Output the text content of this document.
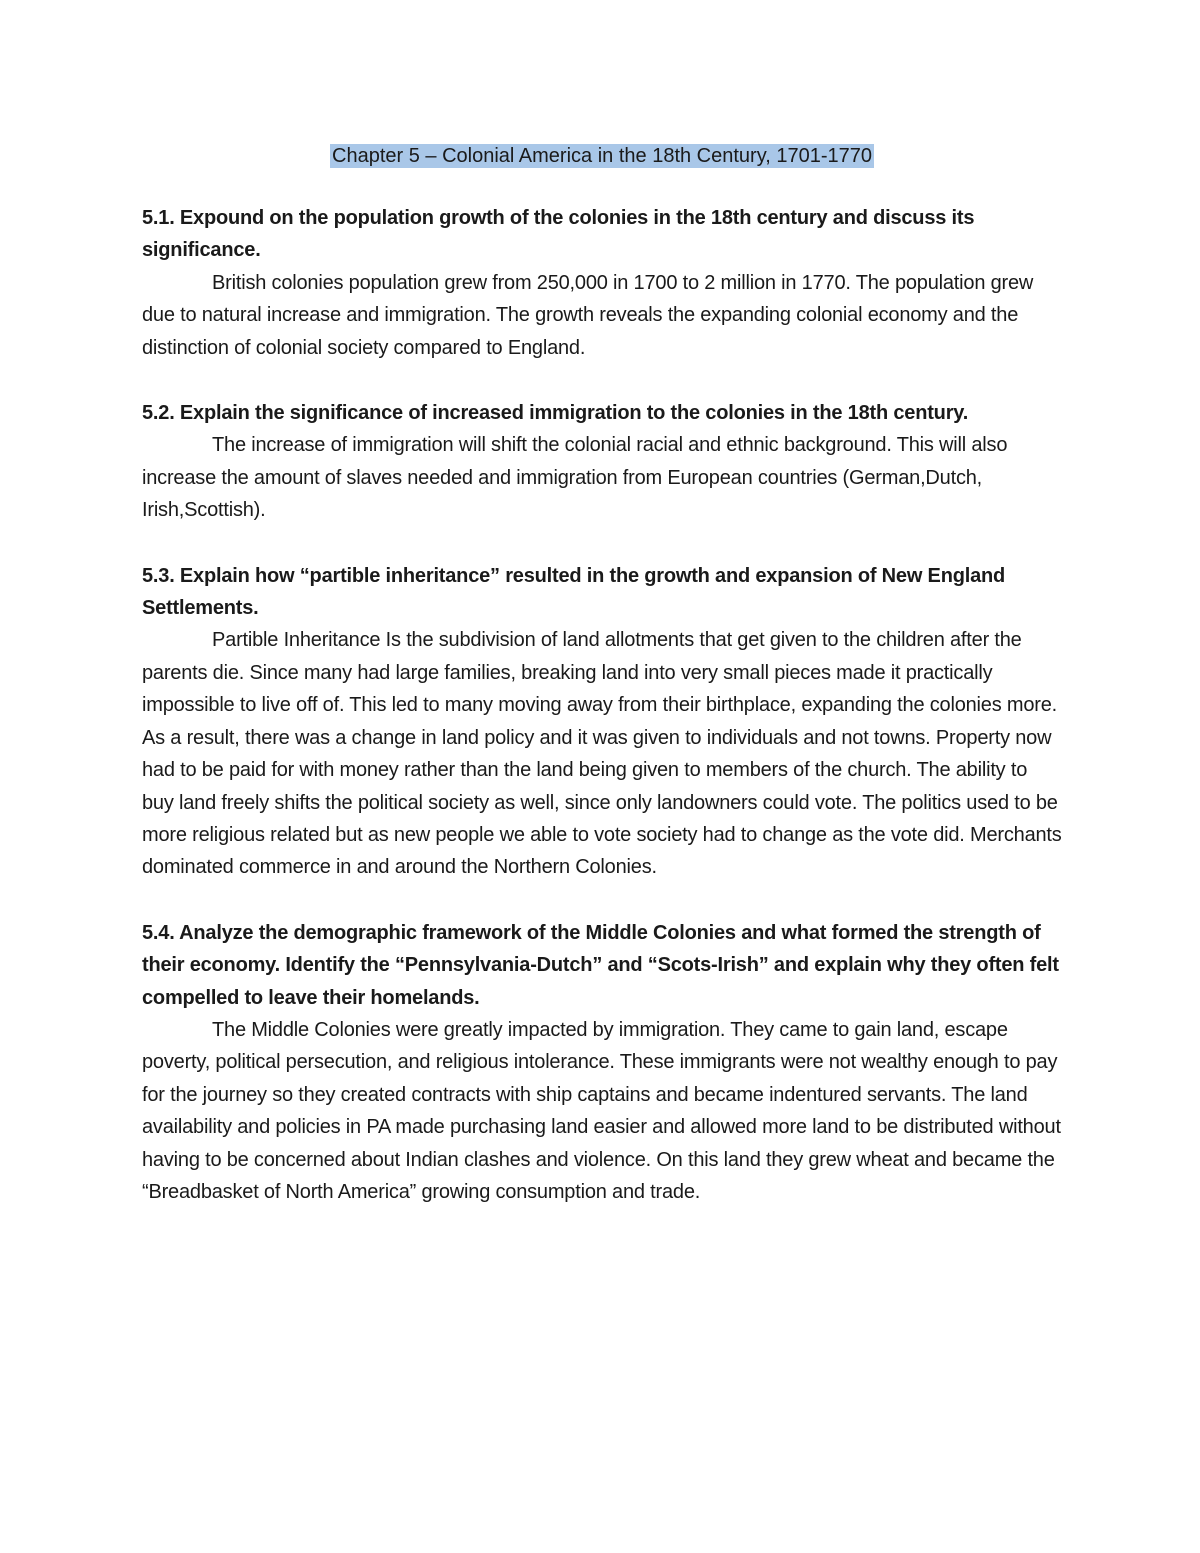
Chapter 5 – Colonial America in the 18th Century, 1701-1770

5.1. Expound on the population growth of the colonies in the 18th century and discuss its significance.

British colonies population grew from 250,000 in 1700 to 2 million in 1770. The population grew due to natural increase and immigration. The growth reveals the expanding colonial economy and the distinction of colonial society compared to England.

5.2. Explain the significance of increased immigration to the colonies in the 18th century.

The increase of immigration will shift the colonial racial and ethnic background. This will also increase the amount of slaves needed and immigration from European countries (German,Dutch, Irish,Scottish).

5.3. Explain how “partible inheritance” resulted in the growth and expansion of New England Settlements.

Partible Inheritance Is the subdivision of land allotments that get given to the children after the parents die. Since many had large families, breaking land into very small pieces made it practically impossible to live off of. This led to many moving away from their birthplace, expanding the colonies more. As a result, there was a change in land policy and it was given to individuals and not towns. Property now had to be paid for with money rather than the land being given to members of the church. The ability to buy land freely shifts the political society as well, since only landowners could vote. The politics used to be more religious related but as new people we able to vote society had to change as the vote did. Merchants dominated commerce in and around the Northern Colonies.

5.4. Analyze the demographic framework of the Middle Colonies and what formed the strength of their economy. Identify the “Pennsylvania-Dutch” and “Scots-Irish” and explain why they often felt compelled to leave their homelands.

The Middle Colonies were greatly impacted by immigration. They came to gain land, escape poverty, political persecution, and religious intolerance. These immigrants were not wealthy enough to pay for the journey so they created contracts with ship captains and became indentured servants. The land availability and policies in PA made purchasing land easier and allowed more land to be distributed without having to be concerned about Indian clashes and violence. On this land they grew wheat and became the “Breadbasket of North America” growing consumption and trade.
